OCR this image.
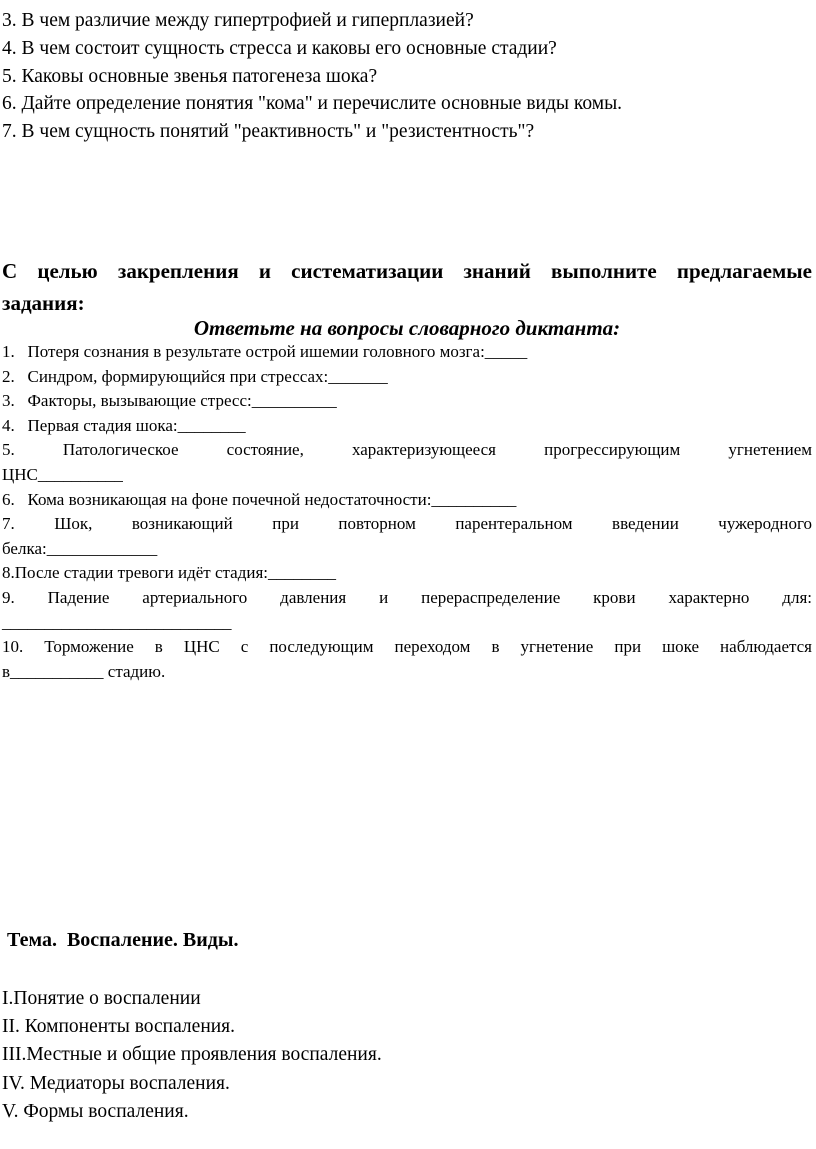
3. В чем различие между гипертрофией и гиперплазией?
4. В чем состоит сущность стресса и каковы его основные стадии?
5. Каковы основные звенья патогенеза шока?
6. Дайте определение понятия "кома" и перечислите основные виды комы.
7. В чем сущность понятий "реактивность" и "резистентность"?
С целью закрепления и систематизации знаний выполните предлагаемые
задания:
Ответьте на вопросы словарного диктанта:
1.   Потеря сознания в результате острой ишемии головного мозга:_____
2.   Синдром, формирующийся при стрессах:_______
3.   Факторы, вызывающие стресс:__________
4.   Первая стадия шока:________
5. Патологическое состояние, характеризующееся прогрессирующим угнетением
ЦНС__________
6.   Кома возникающая на фоне почечной недостаточности:__________
7. Шок, возникающий при повторном парентеральном введении чужеродного
белка:_____________
8.После стадии тревоги идёт стадия:________
9. Падение артериального давления и перераспределение крови характерно для:
___________________________
10. Торможение в ЦНС с последующим переходом в угнетение при шоке наблюдается
в___________ стадию.
Тема.  Воспаление. Виды.
I.Понятие о воспалении
II. Компоненты воспаления.
III.Местные и общие проявления воспаления.
IV. Медиаторы воспаления.
V. Формы воспаления.
